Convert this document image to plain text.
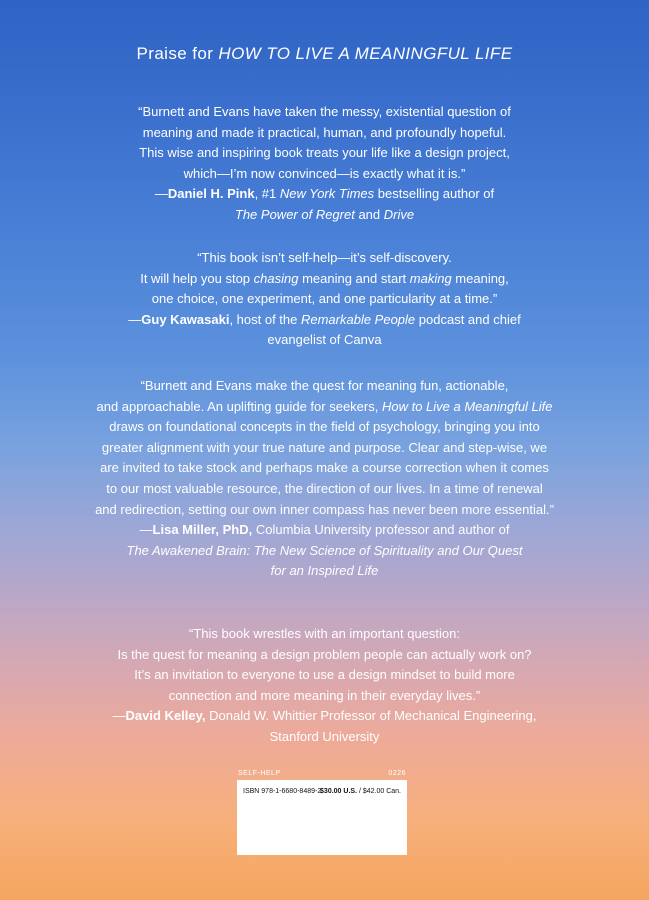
Praise for HOW TO LIVE A MEANINGFUL LIFE
“Burnett and Evans have taken the messy, existential question of
meaning and made it practical, human, and profoundly hopeful.
This wise and inspiring book treats your life like a design project,
which—I’m now convinced—is exactly what it is.”
—Daniel H. Pink, #1 New York Times bestselling author of
The Power of Regret and Drive
“This book isn’t self-help—it’s self-discovery.
It will help you stop chasing meaning and start making meaning,
one choice, one experiment, and one particularity at a time.”
—Guy Kawasaki, host of the Remarkable People podcast and chief
evangelist of Canva
“Burnett and Evans make the quest for meaning fun, actionable,
and approachable. An uplifting guide for seekers, How to Live a Meaningful Life
draws on foundational concepts in the field of psychology, bringing you into
greater alignment with your true nature and purpose. Clear and step-wise, we
are invited to take stock and perhaps make a course correction when it comes
to our most valuable resource, the direction of our lives. In a time of renewal
and redirection, setting our own inner compass has never been more essential.”
—Lisa Miller, PhD, Columbia University professor and author of
The Awakened Brain: The New Science of Spirituality and Our Quest
for an Inspired Life
“This book wrestles with an important question:
Is the quest for meaning a design problem people can actually work on?
It’s an invitation to everyone to use a design mindset to build more
connection and more meaning in their everyday lives.”
—David Kelley, Donald W. Whittier Professor of Mechanical Engineering,
Stanford University
SELF-HELP	0226
ISBN 978-1-6680-8489-2
$30.00 U.S. / $42.00 Can.
